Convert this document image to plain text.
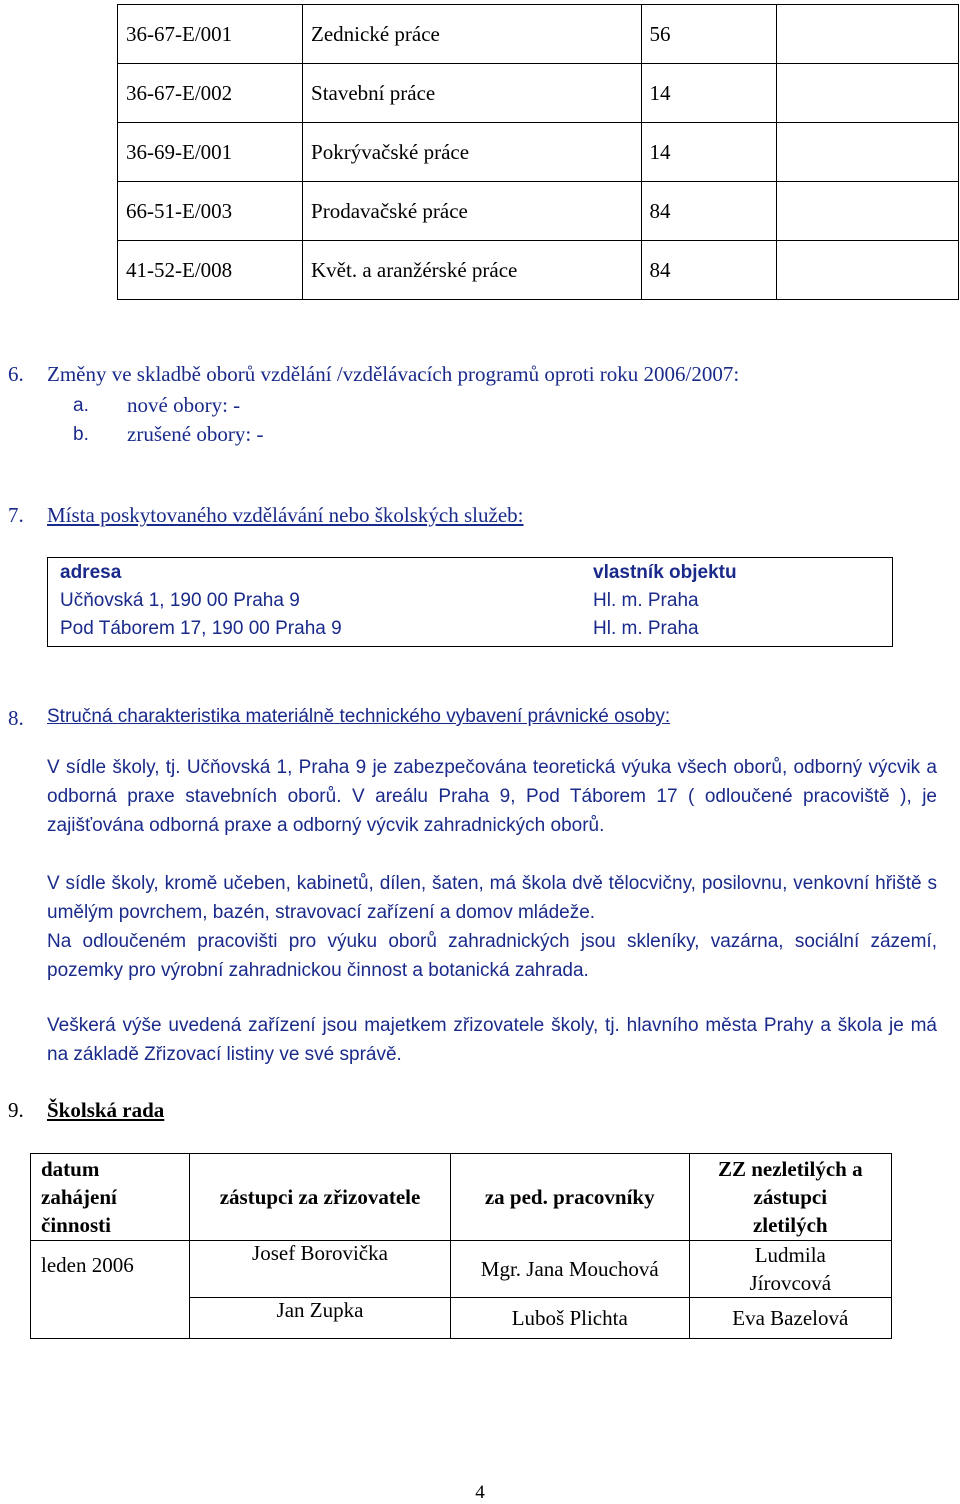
36-67-E/001	Zednické práce	56	
36-67-E/002	Stavební práce	14	
36-69-E/001	Pokrývačské práce	14	
66-51-E/003	Prodavačské práce	84	
41-52-E/008	Květ. a aranžérské práce	84	
6. Změny ve skladbě oborů vzdělání /vzdělávacích programů oproti roku 2006/2007:
a. nové obory: -
b. zrušené obory: -
7. Místa poskytovaného vzdělávání nebo školských služeb:
adresa	vlastník objektu
Učňovská 1, 190 00 Praha 9	Hl. m. Praha
Pod Táborem 17, 190 00 Praha 9	Hl. m. Praha
8. Stručná charakteristika materiálně technického vybavení právnické osoby:
V sídle školy, tj. Učňovská 1, Praha 9 je zabezpečována teoretická výuka všech oborů, odborný výcvik a odborná praxe stavebních oborů. V areálu Praha 9, Pod Táborem 17 ( odloučené pracoviště ), je zajišťována odborná praxe a odborný výcvik zahradnických oborů.
V sídle školy, kromě učeben, kabinetů, dílen, šaten, má škola dvě tělocvičny, posilovnu, venkovní hřiště s umělým povrchem, bazén, stravovací zařízení a domov mládeže.
Na odloučeném pracovišti pro výuku oborů zahradnických jsou skleníky, vazárna, sociální zázemí, pozemky pro výrobní zahradnickou činnost a botanická zahrada.
Veškerá výše uvedená zařízení jsou majetkem zřizovatele školy, tj. hlavního města Prahy a škola je má na základě Zřizovací listiny ve své správě.
9. Školská rada
datum
zahájení
činnosti	zástupci za zřizovatele	za ped. pracovníky	ZZ nezletilých a
zástupci
zletilých

leden 2006	Josef Borovička	Mgr. Jana Mouchová	Ludmila
Jírovcová

	Jan Zupka	Luboš Plichta	Eva Bazelová
4
